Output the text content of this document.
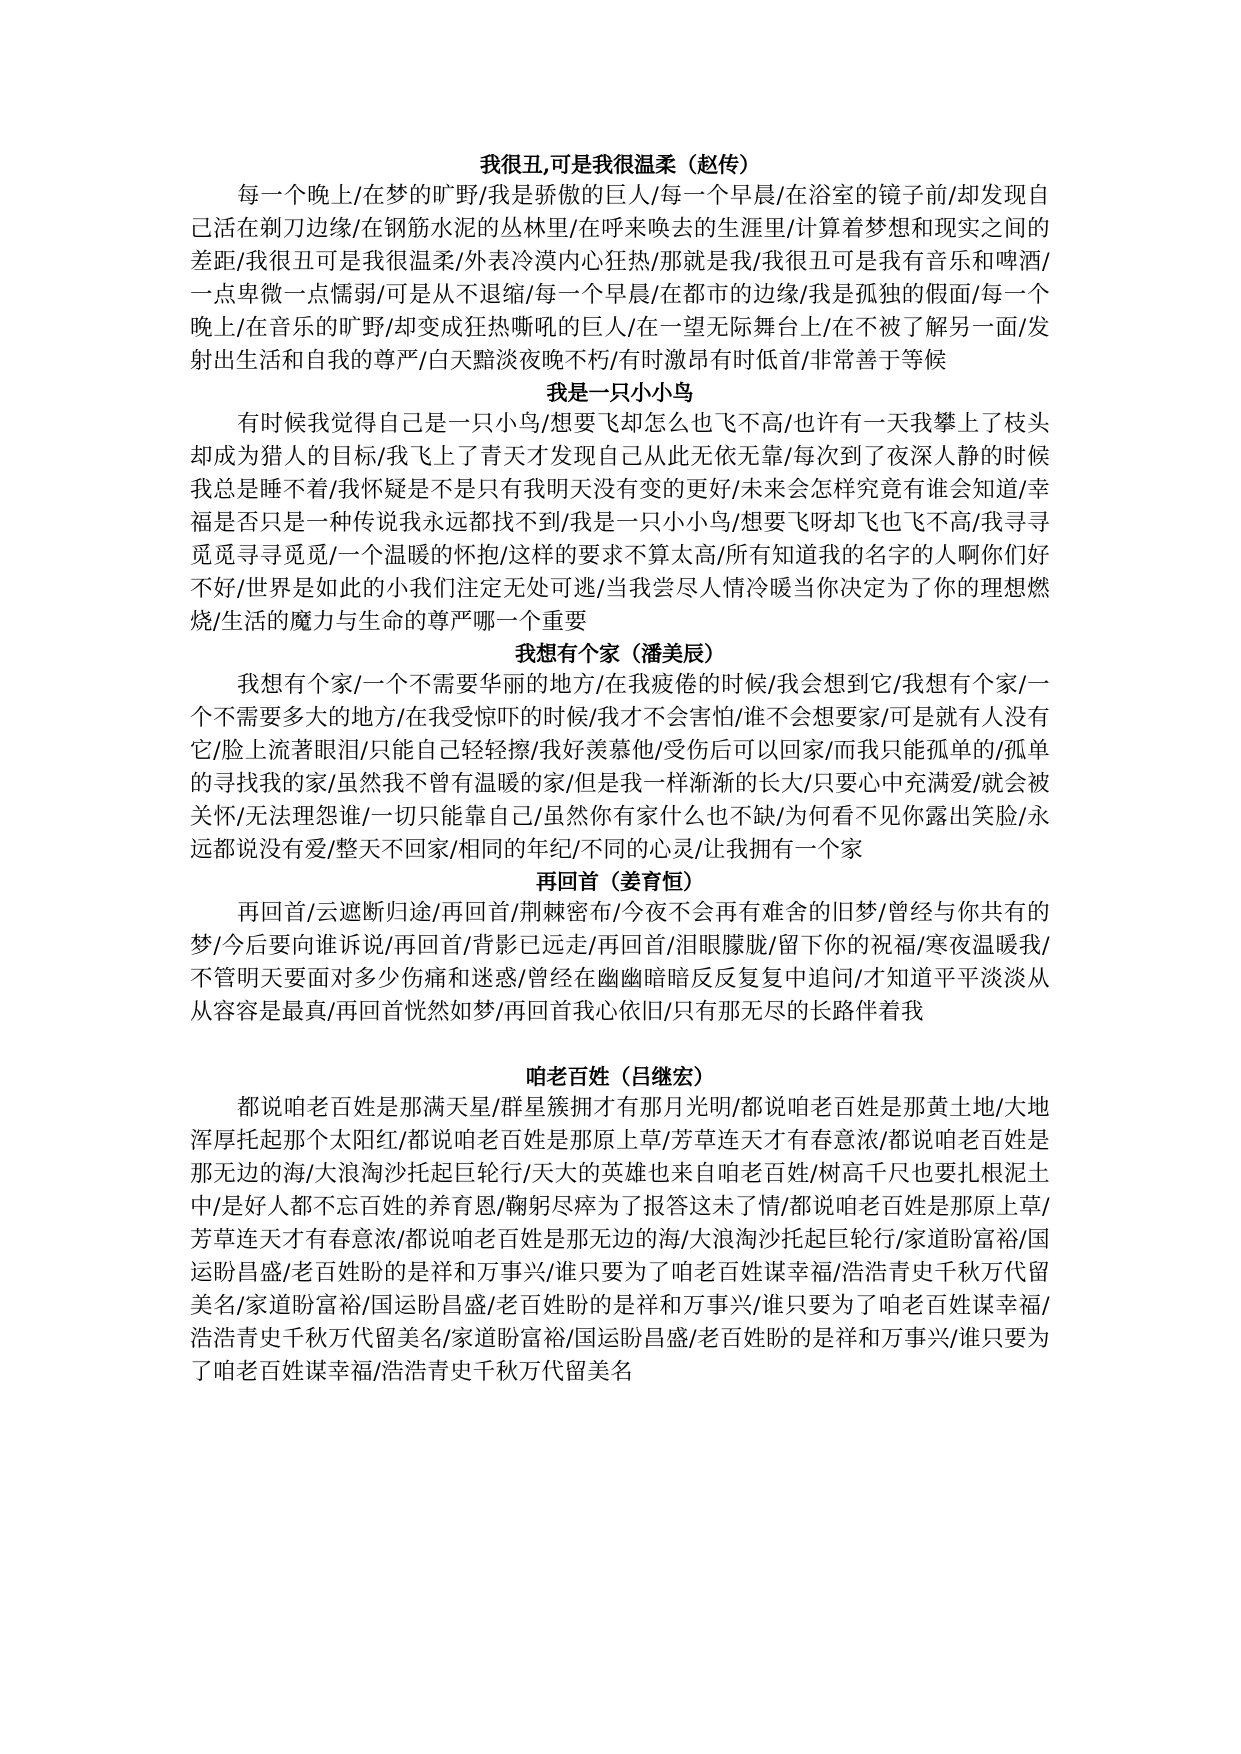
我很丑,可是我很温柔（赵传）

每一个晚上/在梦的旷野/我是骄傲的巨人/每一个早晨/在浴室的镜子前/却发现自己活在剃刀边缘/在钢筋水泥的丛林里/在呼来唤去的生涯里/计算着梦想和现实之间的差距/我很丑可是我很温柔/外表冷漠内心狂热/那就是我/我很丑可是我有音乐和啤酒/一点卑微一点懦弱/可是从不退缩/每一个早晨/在都市的边缘/我是孤独的假面/每一个晚上/在音乐的旷野/却变成狂热嘶吼的巨人/在一望无际舞台上/在不被了解另一面/发射出生活和自我的尊严/白天黯淡夜晚不朽/有时激昂有时低首/非常善于等候

我是一只小小鸟

有时候我觉得自己是一只小鸟/想要飞却怎么也飞不高/也许有一天我攀上了枝头却成为猎人的目标/我飞上了青天才发现自己从此无依无靠/每次到了夜深人静的时候我总是睡不着/我怀疑是不是只有我明天没有变的更好/未来会怎样究竟有谁会知道/幸福是否只是一种传说我永远都找不到/我是一只小小鸟/想要飞呀却飞也飞不高/我寻寻觅觅寻寻觅觅/一个温暖的怀抱/这样的要求不算太高/所有知道我的名字的人啊你们好不好/世界是如此的小我们注定无处可逃/当我尝尽人情冷暖当你决定为了你的理想燃烧/生活的魔力与生命的尊严哪一个重要

我想有个家（潘美辰）

我想有个家/一个不需要华丽的地方/在我疲倦的时候/我会想到它/我想有个家/一个不需要多大的地方/在我受惊吓的时候/我才不会害怕/谁不会想要家/可是就有人没有它/脸上流著眼泪/只能自己轻轻擦/我好羡慕他/受伤后可以回家/而我只能孤单的/孤单的寻找我的家/虽然我不曾有温暖的家/但是我一样渐渐的长大/只要心中充满爱/就会被关怀/无法理怨谁/一切只能靠自己/虽然你有家什么也不缺/为何看不见你露出笑脸/永远都说没有爱/整天不回家/相同的年纪/不同的心灵/让我拥有一个家

再回首（姜育恒）

再回首/云遮断归途/再回首/荆棘密布/今夜不会再有难舍的旧梦/曾经与你共有的梦/今后要向谁诉说/再回首/背影已远走/再回首/泪眼朦胧/留下你的祝福/寒夜温暖我/不管明天要面对多少伤痛和迷惑/曾经在幽幽暗暗反反复复中追问/才知道平平淡淡从从容容是最真/再回首恍然如梦/再回首我心依旧/只有那无尽的长路伴着我

咱老百姓（吕继宏）

都说咱老百姓是那满天星/群星簇拥才有那月光明/都说咱老百姓是那黄土地/大地浑厚托起那个太阳红/都说咱老百姓是那原上草/芳草连天才有春意浓/都说咱老百姓是那无边的海/大浪淘沙托起巨轮行/天大的英雄也来自咱老百姓/树高千尺也要扎根泥土中/是好人都不忘百姓的养育恩/鞠躬尽瘁为了报答这未了情/都说咱老百姓是那原上草/芳草连天才有春意浓/都说咱老百姓是那无边的海/大浪淘沙托起巨轮行/家道盼富裕/国运盼昌盛/老百姓盼的是祥和万事兴/谁只要为了咱老百姓谋幸福/浩浩青史千秋万代留美名/家道盼富裕/国运盼昌盛/老百姓盼的是祥和万事兴/谁只要为了咱老百姓谋幸福/浩浩青史千秋万代留美名/家道盼富裕/国运盼昌盛/老百姓盼的是祥和万事兴/谁只要为了咱老百姓谋幸福/浩浩青史千秋万代留美名
